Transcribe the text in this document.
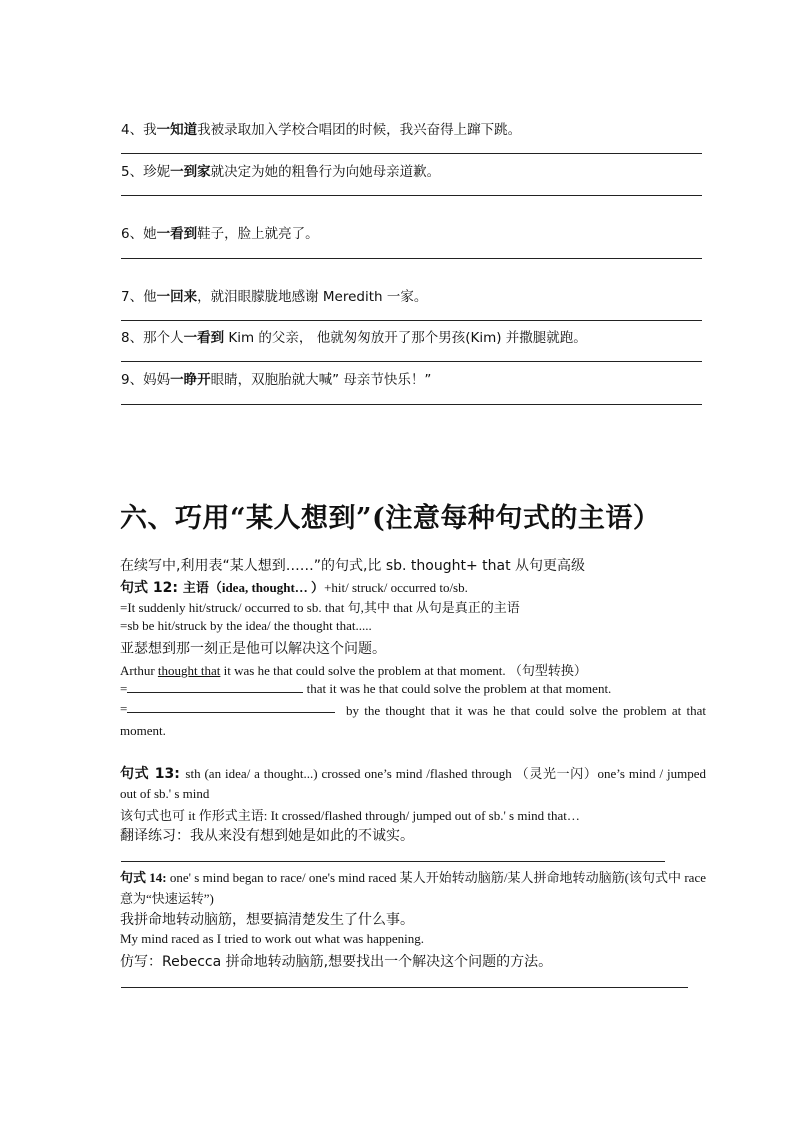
4、我一知道我被录取加入学校合唱团的时候，我兴奋得上蹿下跳。
5、珍妮一到家就决定为她的粗鲁行为向她母亲道歉。
6、她一看到鞋子，脸上就亮了。
7、他一回来，就泪眼朦胧地感谢 Meredith 一家。
8、那个人一看到 Kim 的父亲， 他就匆匆放开了那个男孩(Kim) 并撒腿就跑。
9、妈妈一睁开眼睛，双胞胎就大喊” 母亲节快乐！”
六、巧用“某人想到”(注意每种句式的主语）
在续写中,利用表“某人想到……”的句式,比 sb. thought+ that 从句更高级
句式 12: 主语（idea, thought… ）+hit/ struck/ occurred to/sb.
=It suddenly hit/struck/ occurred to sb. that 句,其中 that 从句是真正的主语
=sb be hit/struck by the idea/ the thought that.....
亚瑟想到那一刻正是他可以解决这个问题。
Arthur thought that it was he that could solve the problem at that moment. （句型转换）
=	that it was he that could solve the problem at that moment.
=	by the thought that it was he that could solve the problem at that moment.
句式 13: sth (an idea/ a thought...) crossed one’s mind /flashed through （灵光一闪）one’s mind / jumped out of sb.' s mind
该句式也可 it 作形式主语: It crossed/flashed through/ jumped out of sb.' s mind that…
翻译练习：我从来没有想到她是如此的不诚实。
句式 14: one' s mind began to race/ one's mind raced 某人开始转动脑筋/某人拼命地转动脑筋(该句式中 race 意为“快速运转”)
我拼命地转动脑筋，想要搞清楚发生了什么事。
My mind raced as I tried to work out what was happening.
仿写：Rebecca 拼命地转动脑筋,想要找出一个解决这个问题的方法。
